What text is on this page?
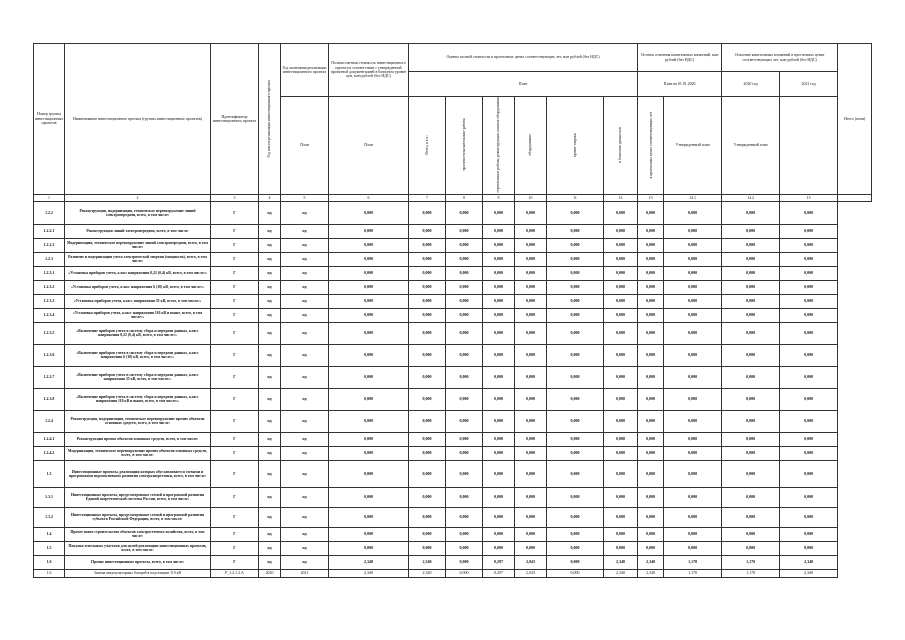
Номер группы инвестиционных проектов	Наименование инвестиционного проекта (группы инвестиционных проектов)	Идентификатор инвестиционного проекта	Год начала реализации инвестиционного проекта	Год окончания реализации инвестиционного проекта	Полная сметная стоимость инвестиционного проекта в соответствии с утвержденной проектной документацией в базисном уровне цен, млн рублей (без НДС)	Оценка полной стоимости в прогнозных ценах соответствующих лет, млн рублей (без НДС)						Остаток освоения капитальных вложений, млн рублей (без НДС)		Освоение капитальных вложений в прогнозных ценах соответствующих лет, млн рублей (без НДС)		Итого (план)
						План						План на 01.01.2020		2020 год	2021 год	
				План	План	Всего, в т.ч.:	проектно-изыскательские работы	строительные работы, реконструкция, монтаж оборудования	оборудование	прочие затраты	в базисном уровне цен	в прогнозных ценах соответствующих лет	Утвержденный план	Утвержденный план		
1	2	3	4	5	6	7	8	9	10	11	12	13	14.1	14.2	15	
1.2.2	Реконструкция, модернизация, техническое перевооружение линий электропередачи, всего, в том числе:	Г	нд	нд	0,000	0,000	0,000	0,000	0,000	0,000	0,000	0,000	0,000	0,000	0,000	
1.2.2.1	Реконструкция линий электропередачи, всего, в том числе:	Г	нд	нд	0,000	0,000	0,000	0,000	0,000	0,000	0,000	0,000	0,000	0,000	0,000	
1.2.2.2	Модернизация, техническое перевооружение линий электропередачи, всего, в том числе:	Г	нд	нд	0,000	0,000	0,000	0,000	0,000	0,000	0,000	0,000	0,000	0,000	0,000	
1.2.3	Развитие и модернизация учета электрической энергии (мощности), всего, в том числе:	Г	нд	нд	0,000	0,000	0,000	0,000	0,000	0,000	0,000	0,000	0,000	0,000	0,000	
1.2.3.1	«Установка приборов учета, класс напряжения 0,22 (0,4) кВ, всего, в том числе:»	Г	нд	нд	0,000	0,000	0,000	0,000	0,000	0,000	0,000	0,000	0,000	0,000	0,000	
1.2.3.2	«Установка приборов учета, класс напряжения 6 (10) кВ, всего, в том числе:»	Г	нд	нд	0,000	0,000	0,000	0,000	0,000	0,000	0,000	0,000	0,000	0,000	0,000	
1.2.3.3	«Установка приборов учета, класс напряжения 35 кВ, всего, в том числе:»	Г	нд	нд	0,000	0,000	0,000	0,000	0,000	0,000	0,000	0,000	0,000	0,000	0,000	
1.2.3.4	«Установка приборов учета, класс напряжения 110 кВ и выше, всего, в том числе:»	Г	нд	нд	0,000	0,000	0,000	0,000	0,000	0,000	0,000	0,000	0,000	0,000	0,000	
1.2.3.5	«Включение приборов учета в систему сбора и передачи данных, класс напряжения 0,22 (0,4) кВ, всего, в том числе:»	Г	нд	нд	0,000	0,000	0,000	0,000	0,000	0,000	0,000	0,000	0,000	0,000	0,000	
1.2.3.6	«Включение приборов учета в систему сбора и передачи данных, класс напряжения 6 (10) кВ, всего, в том числе:»	Г	нд	нд	0,000	0,000	0,000	0,000	0,000	0,000	0,000	0,000	0,000	0,000	0,000	
1.2.3.7	«Включение приборов учета в систему сбора и передачи данных, класс напряжения 35 кВ, всего, в том числе:»	Г	нд	нд	0,000	0,000	0,000	0,000	0,000	0,000	0,000	0,000	0,000	0,000	0,000	
1.2.3.8	«Включение приборов учета в систему сбора и передачи данных, класс напряжения 110 кВ и выше, всего, в том числе:»	Г	нд	нд	0,000	0,000	0,000	0,000	0,000	0,000	0,000	0,000	0,000	0,000	0,000	
1.2.4	Реконструкция, модернизация, техническое перевооружение прочих объектов основных средств, всего, в том числе:	Г	нд	нд	0,000	0,000	0,000	0,000	0,000	0,000	0,000	0,000	0,000	0,000	0,000	
1.2.4.1	Реконструкция прочих объектов основных средств, всего, в том числе:	Г	нд	нд	0,000	0,000	0,000	0,000	0,000	0,000	0,000	0,000	0,000	0,000	0,000	
1.2.4.2	Модернизация, техническое перевооружение прочих объектов основных средств, всего, в том числе:	Г	нд	нд	0,000	0,000	0,000	0,000	0,000	0,000	0,000	0,000	0,000	0,000	0,000	
1.3	Инвестиционные проекты, реализация которых обуславливается схемами и программами перспективного развития электроэнергетики, всего, в том числе:	Г	нд	нд	0,000	0,000	0,000	0,000	0,000	0,000	0,000	0,000	0,000	0,000	0,000	
1.3.1	Инвестиционные проекты, предусмотренные схемой и программой развития Единой энергетической системы России, всего, в том числе:	Г	нд	нд	0,000	0,000	0,000	0,000	0,000	0,000	0,000	0,000	0,000	0,000	0,000	
1.3.2	Инвестиционные проекты, предусмотренные схемой и программой развития субъекта Российской Федерации, всего, в том числе:	Г	нд	нд	0,000	0,000	0,000	0,000	0,000	0,000	0,000	0,000	0,000	0,000	0,000	
1.4	Прочее новое строительство объектов электросетевого хозяйства, всего, в том числе:	Г	нд	нд	0,000	0,000	0,000	0,000	0,000	0,000	0,000	0,000	0,000	0,000	0,000	
1.5	Покупка земельных участков для целей реализации инвестиционных проектов, всего, в том числе:	Г	нд	нд	0,000	0,000	0,000	0,000	0,000	0,000	0,000	0,000	0,000	0,000	0,000	
1.6	Прочие инвестиционные проекты, всего, в том числе:	Г	нд	нд	2,340	2,340	0,000	0,297	2,043	0,000	2,340	2,340	1,170	1,170	2,340	
1.6	Замена аккумуляторных батарей в подстанции 110 кВ	F_1.2.1.2.А	2020	2021	2,340	2,340	0,000	0,297	2,043	0,000	2,340	2,340	1,170	1,170	2,340	
